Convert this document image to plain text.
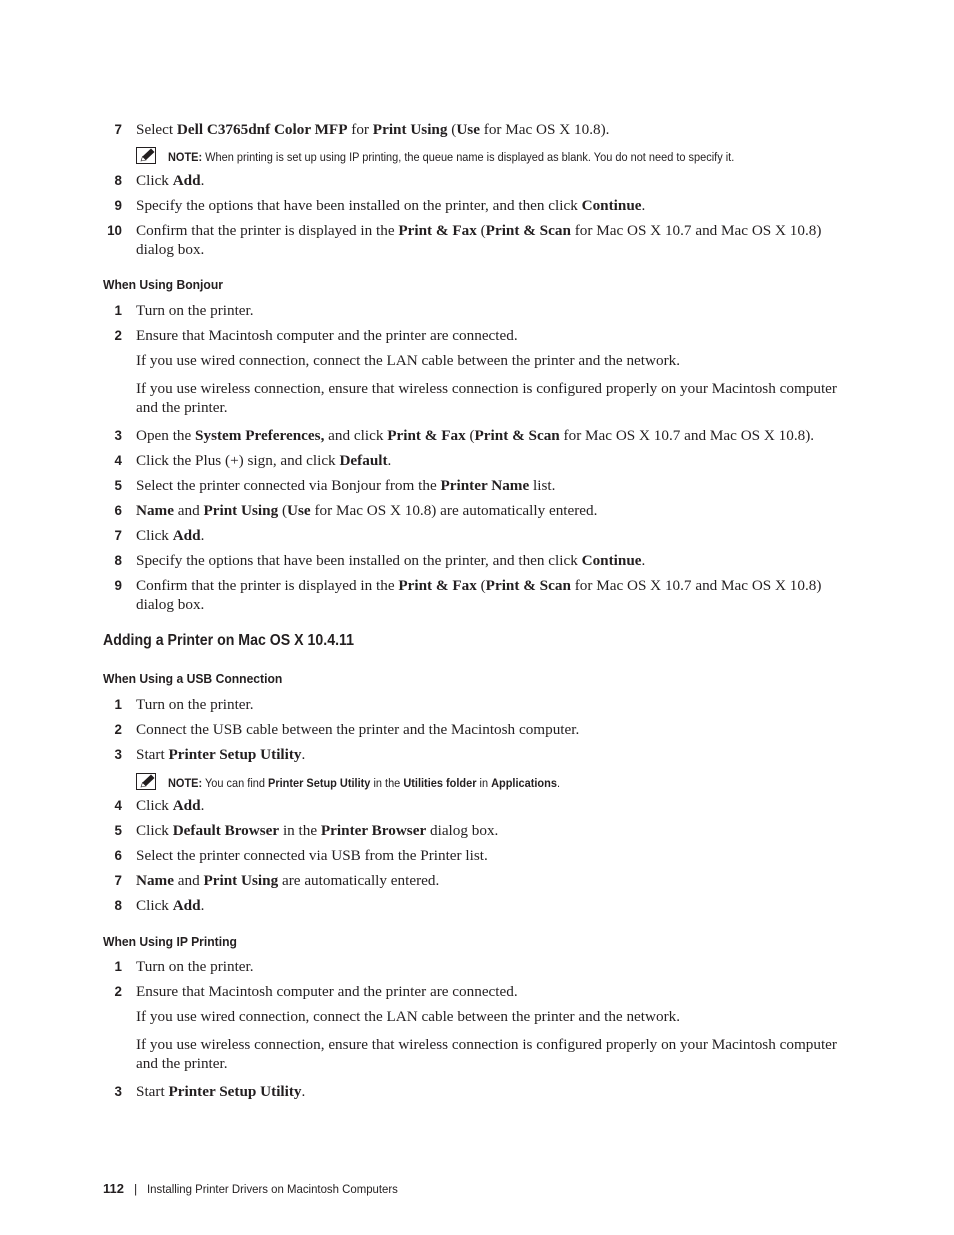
7 Select Dell C3765dnf Color MFP for Print Using (Use for Mac OS X 10.8).
NOTE: When printing is set up using IP printing, the queue name is displayed as blank. You do not need to specify it.
8 Click Add.
9 Specify the options that have been installed on the printer, and then click Continue.
10 Confirm that the printer is displayed in the Print & Fax (Print & Scan for Mac OS X 10.7 and Mac OS X 10.8) dialog box.
When Using Bonjour
1 Turn on the printer.
2 Ensure that Macintosh computer and the printer are connected.
If you use wired connection, connect the LAN cable between the printer and the network.
If you use wireless connection, ensure that wireless connection is configured properly on your Macintosh computer and the printer.
3 Open the System Preferences, and click Print & Fax (Print & Scan for Mac OS X 10.7 and Mac OS X 10.8).
4 Click the Plus (+) sign, and click Default.
5 Select the printer connected via Bonjour from the Printer Name list.
6 Name and Print Using (Use for Mac OS X 10.8) are automatically entered.
7 Click Add.
8 Specify the options that have been installed on the printer, and then click Continue.
9 Confirm that the printer is displayed in the Print & Fax (Print & Scan for Mac OS X 10.7 and Mac OS X 10.8) dialog box.
Adding a Printer on Mac OS X 10.4.11
When Using a USB Connection
1 Turn on the printer.
2 Connect the USB cable between the printer and the Macintosh computer.
3 Start Printer Setup Utility.
NOTE: You can find Printer Setup Utility in the Utilities folder in Applications.
4 Click Add.
5 Click Default Browser in the Printer Browser dialog box.
6 Select the printer connected via USB from the Printer list.
7 Name and Print Using are automatically entered.
8 Click Add.
When Using IP Printing
1 Turn on the printer.
2 Ensure that Macintosh computer and the printer are connected.
If you use wired connection, connect the LAN cable between the printer and the network.
If you use wireless connection, ensure that wireless connection is configured properly on your Macintosh computer and the printer.
3 Start Printer Setup Utility.
112 | Installing Printer Drivers on Macintosh Computers
